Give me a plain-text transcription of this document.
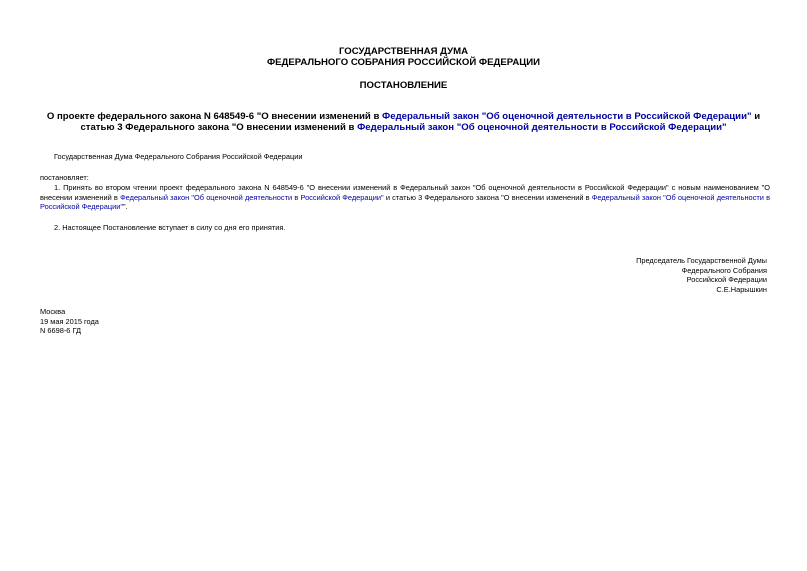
ГОСУДАРСТВЕННАЯ ДУМА
ФЕДЕРАЛЬНОГО СОБРАНИЯ РОССИЙСКОЙ ФЕДЕРАЦИИ
ПОСТАНОВЛЕНИЕ
О проекте федерального закона N 648549-6 "О внесении изменений в Федеральный закон "Об оценочной деятельности в Российской Федерации" и статью 3 Федерального закона "О внесении изменений в Федеральный закон "Об оценочной деятельности в Российской Федерации"
Государственная Дума Федерального Собрания Российской Федерации
постановляет:
1. Принять во втором чтении проект федерального закона N 648549-6 "О внесении изменений в Федеральный закон "Об оценочной деятельности в Российской Федерации" с новым наименованием "О внесении изменений в Федеральный закон "Об оценочной деятельности в Российской Федерации" и статью 3 Федерального закона "О внесении изменений в Федеральный закон "Об оценочной деятельности в Российской Федерации"".
2. Настоящее Постановление вступает в силу со дня его принятия.
Председатель Государственной Думы
Федерального Собрания
Российской Федерации
С.Е.Нарышкин
Москва
19 мая 2015 года
N 6698-6 ГД
